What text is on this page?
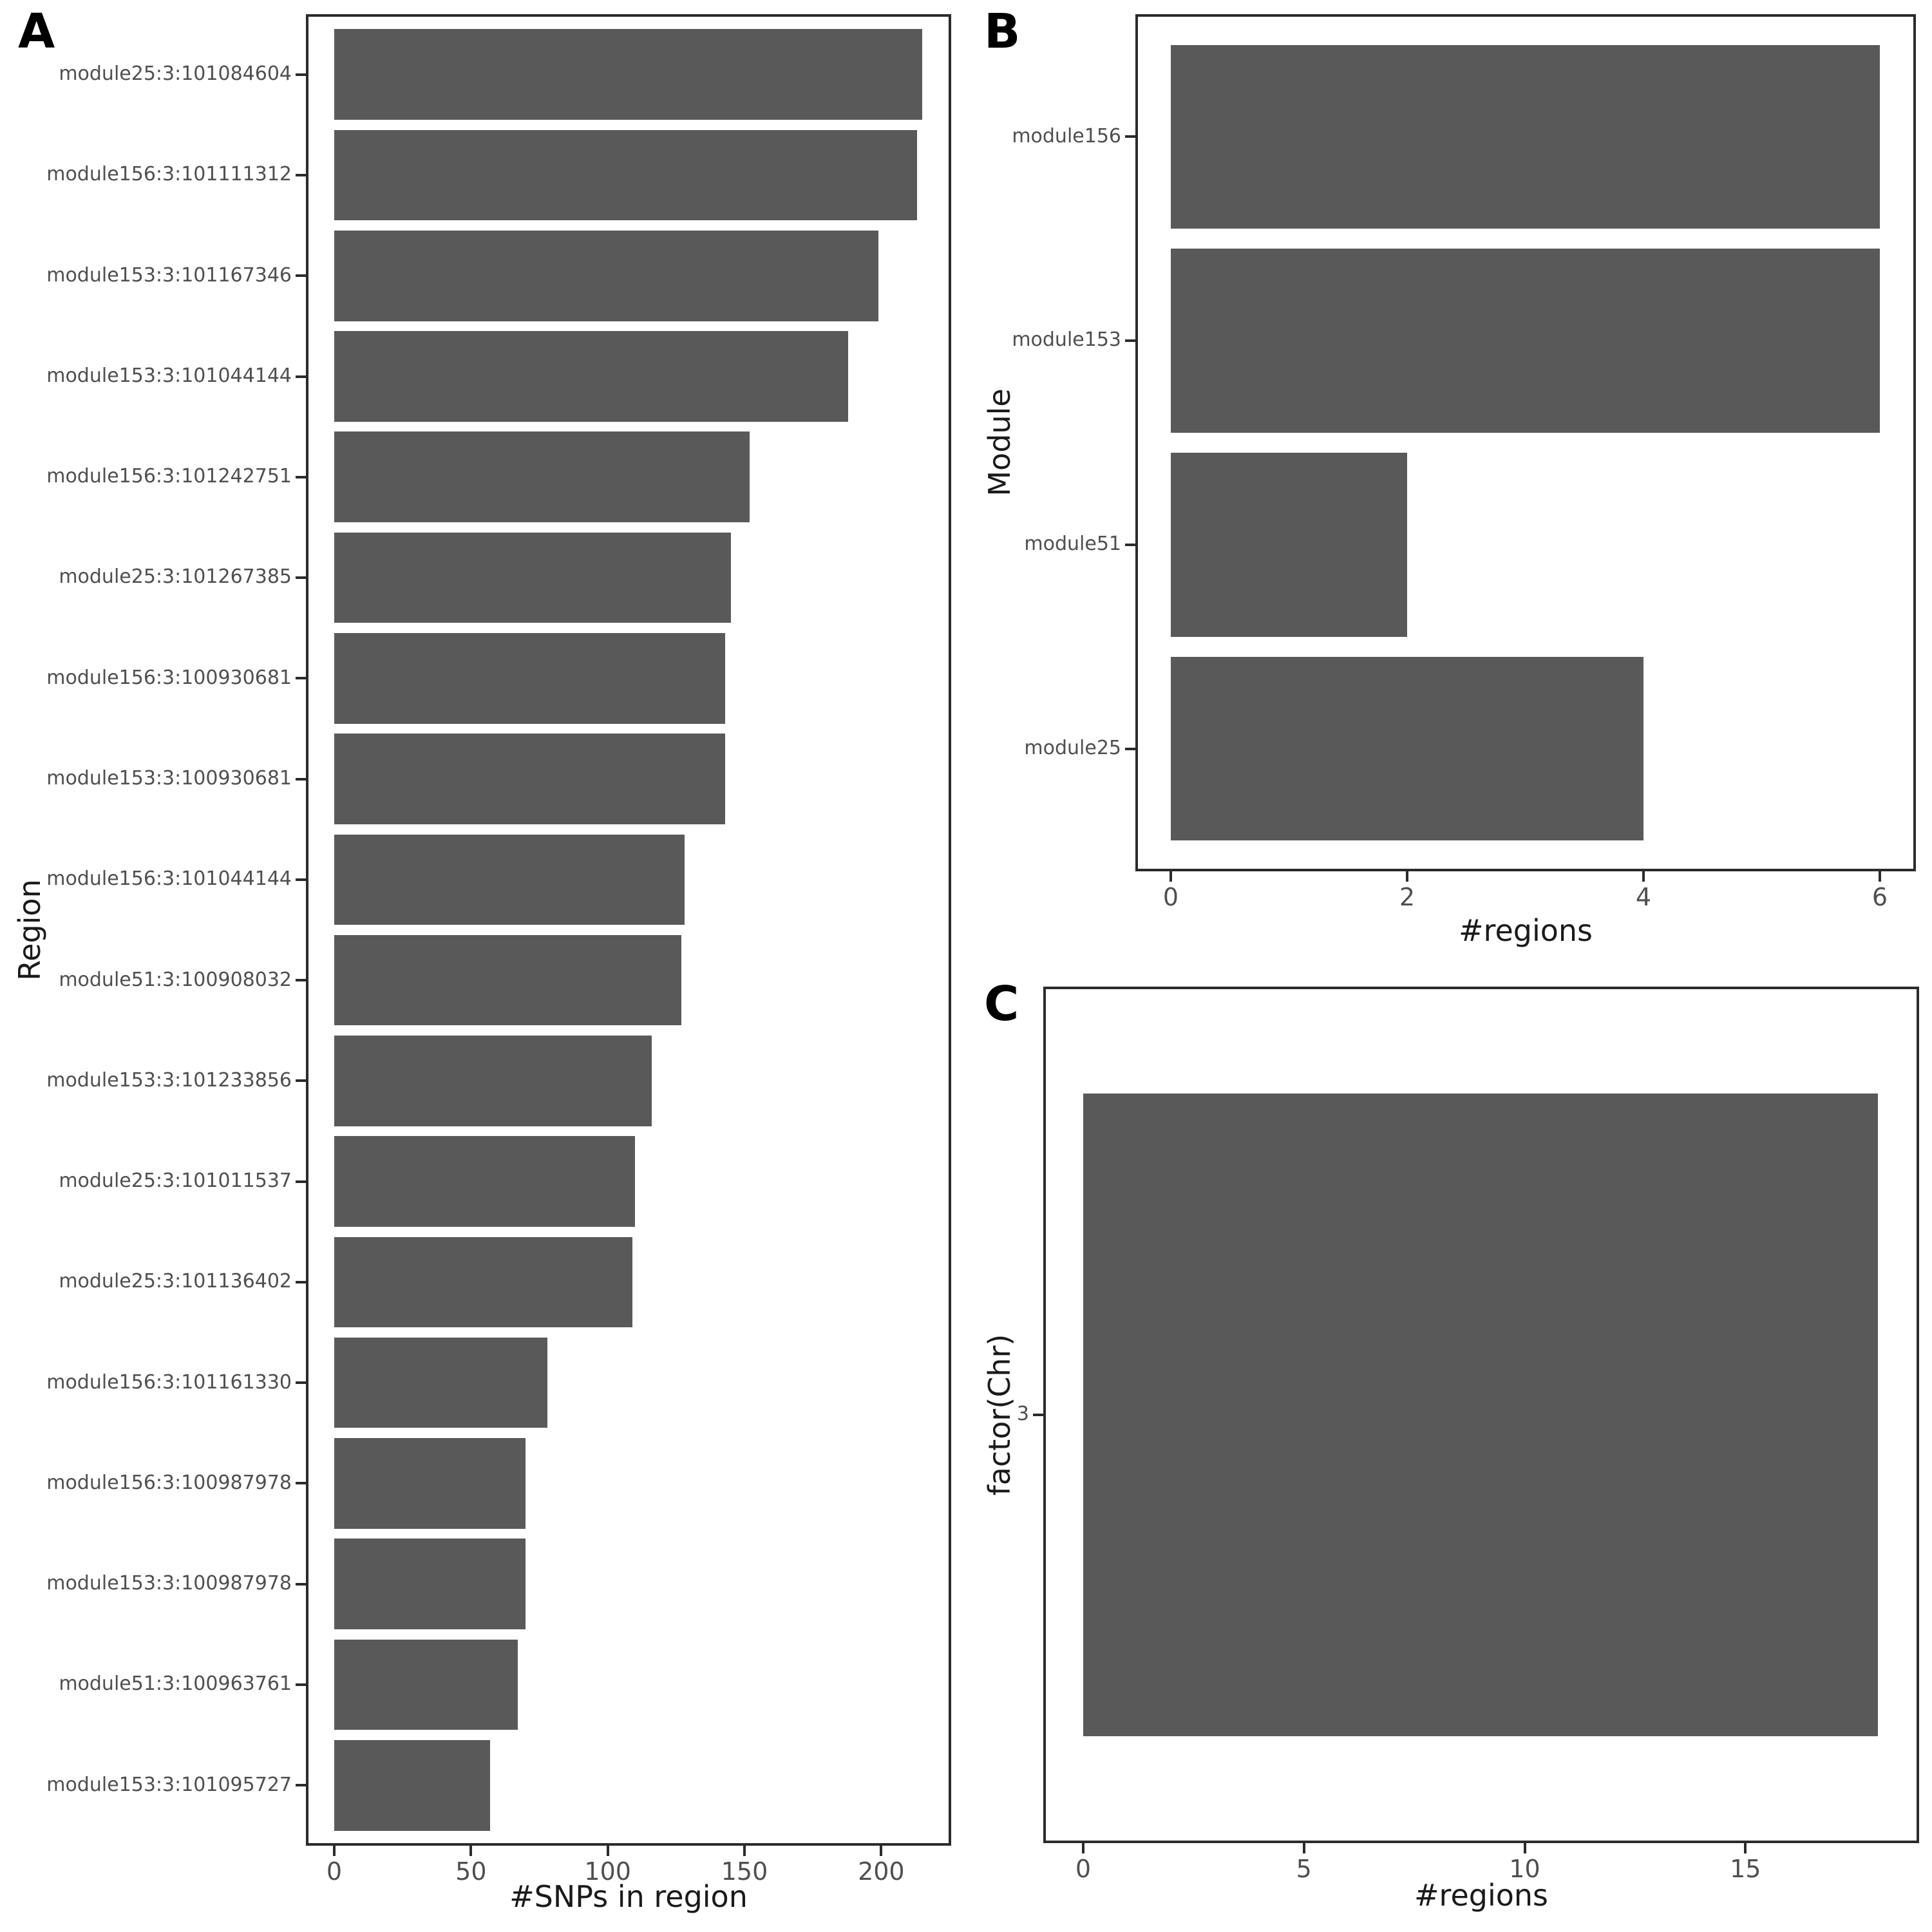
A
#SNPs in region
Region
B
#regions
Module
C
#regions
factor(Chr)
module25:3:101084604
module156:3:101111312
module153:3:101167346
module153:3:101044144
module156:3:101242751
module25:3:101267385
module156:3:100930681
module153:3:100930681
module156:3:101044144
module51:3:100908032
module153:3:101233856
module25:3:101011537
module25:3:101136402
module156:3:101161330
module156:3:100987978
module153:3:100987978
module51:3:100963761
module153:3:101095727
0	50	100	150	200
module156
module153
module51
module25
0	2	4	6
3
0	5	10	15
